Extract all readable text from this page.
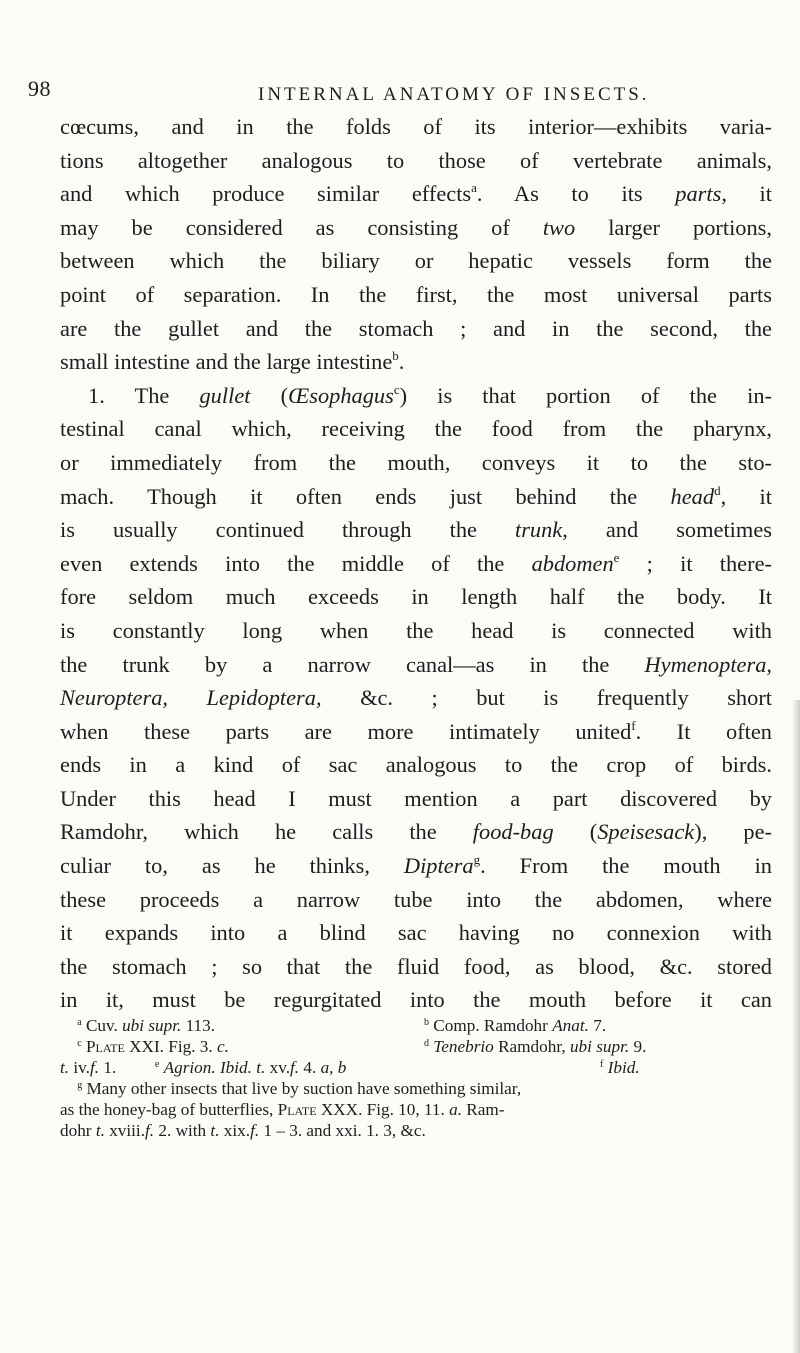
98	INTERNAL ANATOMY OF INSECTS.
cœcums, and in the folds of its interior—exhibits varia-
tions altogether analogous to those of vertebrate animals,
and which produce similar effects$^a$. As to its parts, it
may be considered as consisting of two larger portions,
between which the biliary or hepatic vessels form the
point of separation. In the first, the most universal parts
are the gullet and the stomach ; and in the second, the
small intestine and the large intestine$^b$.
1. The gullet (Œsophagus$^c$) is that portion of the in-
testinal canal which, receiving the food from the pharynx,
or immediately from the mouth, conveys it to the sto-
mach. Though it often ends just behind the head$^d$, it
is usually continued through the trunk, and sometimes
even extends into the middle of the abdomen$^e$ ; it there-
fore seldom much exceeds in length half the body. It
is constantly long when the head is connected with
the trunk by a narrow canal—as in the Hymenoptera,
Neuroptera, Lepidoptera, &c. ; but is frequently short
when these parts are more intimately united$^f$. It often
ends in a kind of sac analogous to the crop of birds.
Under this head I must mention a part discovered by
Ramdohr, which he calls the food-bag (Speisesack), pe-
culiar to, as he thinks, Diptera$^g$. From the mouth in
these proceeds a narrow tube into the abdomen, where
it expands into a blind sac having no connexion with
the stomach ; so that the fluid food, as blood, &c. stored
in it, must be regurgitated into the mouth before it can
 $^a$ Cuv. ubi supr. 113.	$^b$ Comp. Ramdohr Anat. 7.
 $^c$ Plate XXI. Fig. 3. c.	$^d$ Tenebrio Ramdohr, ubi supr. 9.
t. iv.f. 1.   	$^e$ Agrion. Ibid. t. xv.f. 4. a, b	$^f$ Ibid.
 $^g$ Many other insects that live by suction have something similar,
as the honey-bag of butterflies, Plate XXX. Fig. 10, 11. a. Ram-
dohr t. xviii.f. 2. with t. xix.f. 1 – 3. and xxi. 1. 3, &c.
